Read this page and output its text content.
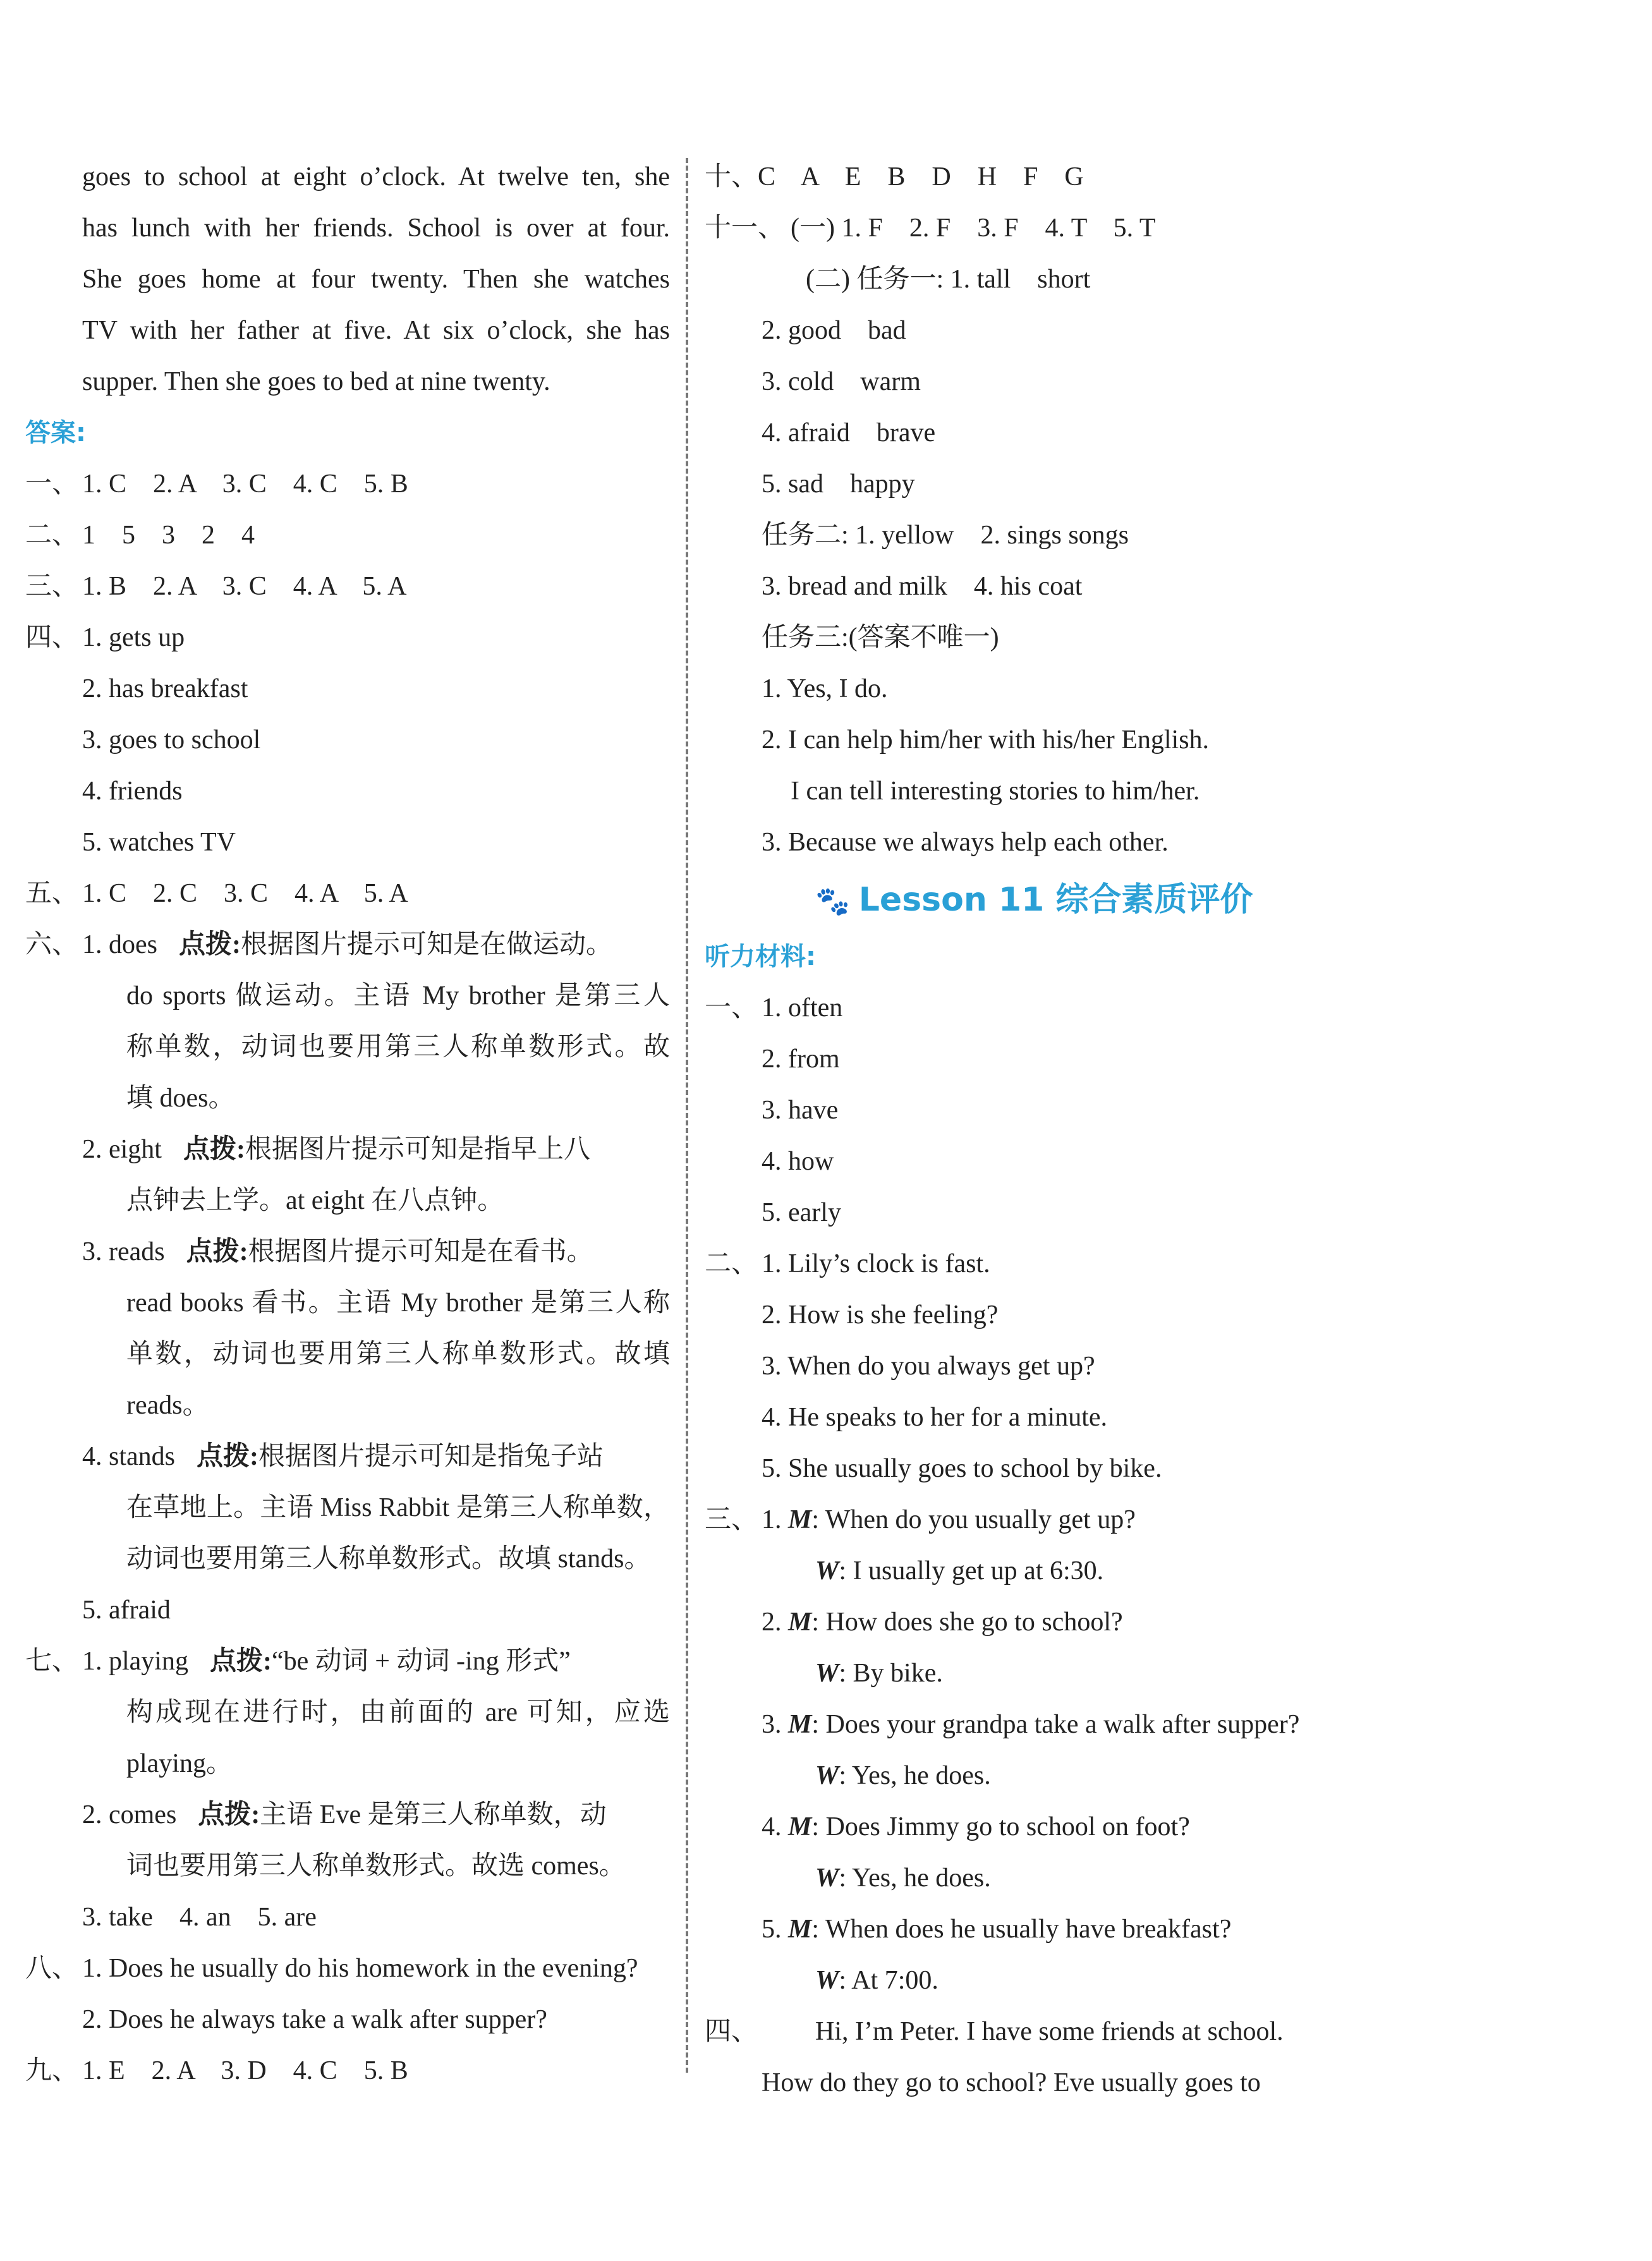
goes to school at eight o’clock. At twelve ten, she
has lunch with her friends. School is over at four.
She goes home at four twenty. Then she watches
TV with her father at five. At six o’clock, she has
supper. Then she goes to bed at nine twenty.
答案:
一、 1. C    2. A    3. C    4. C    5. B
二、 1    5    3    2    4
三、 1. B    2. A    3. C    4. A    5. A
四、 1. gets up
2. has breakfast
3. goes to school
4. friends
5. watches TV
五、 1. C    2. C    3. C    4. A    5. A
六、 1. does 点拨:根据图片提示可知是在做运动。
do sports 做运动。主语 My brother 是第三人
称单数，动词也要用第三人称单数形式。故
填 does。
2. eight 点拨:根据图片提示可知是指早上八
点钟去上学。at eight 在八点钟。
3. reads 点拨:根据图片提示可知是在看书。
read books 看书。主语 My brother 是第三人称
单数，动词也要用第三人称单数形式。故填
reads。
4. stands 点拨:根据图片提示可知是指兔子站
在草地上。主语 Miss Rabbit 是第三人称单数，
动词也要用第三人称单数形式。故填 stands。
5. afraid
七、 1. playing 点拨:“be 动词 + 动词 -ing 形式”
构成现在进行时，由前面的 are 可知，应选
playing。
2. comes 点拨:主语 Eve 是第三人称单数，动
词也要用第三人称单数形式。故选 comes。
3. take    4. an    5. are
八、 1. Does he usually do his homework in the evening?
2. Does he always take a walk after supper?
九、 1. E    2. A    3. D    4. C    5. B
十、C    A    E    B    D    H    F    G
十一、 (一) 1. F    2. F    3. F    4. T    5. T
(二) 任务一: 1. tall    short
2. good    bad
3. cold    warm
4. afraid    brave
5. sad    happy
任务二: 1. yellow    2. sings songs
3. bread and milk    4. his coat
任务三:(答案不唯一)
1. Yes, I do.
2. I can help him/her with his/her English.
I can tell interesting stories to him/her.
3. Because we always help each other.
🐾 Lesson 11 综合素质评价
听力材料:
一、 1. often
2. from
3. have
4. how
5. early
二、 1. Lily’s clock is fast.
2. How is she feeling?
3. When do you always get up?
4. He speaks to her for a minute.
5. She usually goes to school by bike.
三、 1. M: When do you usually get up?
W: I usually get up at 6:30.
2. M: How does she go to school?
W: By bike.
3. M: Does your grandpa take a walk after supper?
W: Yes, he does.
4. M: Does Jimmy go to school on foot?
W: Yes, he does.
5. M: When does he usually have breakfast?
W: At 7:00.
四、 Hi, I’m Peter. I have some friends at school.
How do they go to school? Eve usually goes to
